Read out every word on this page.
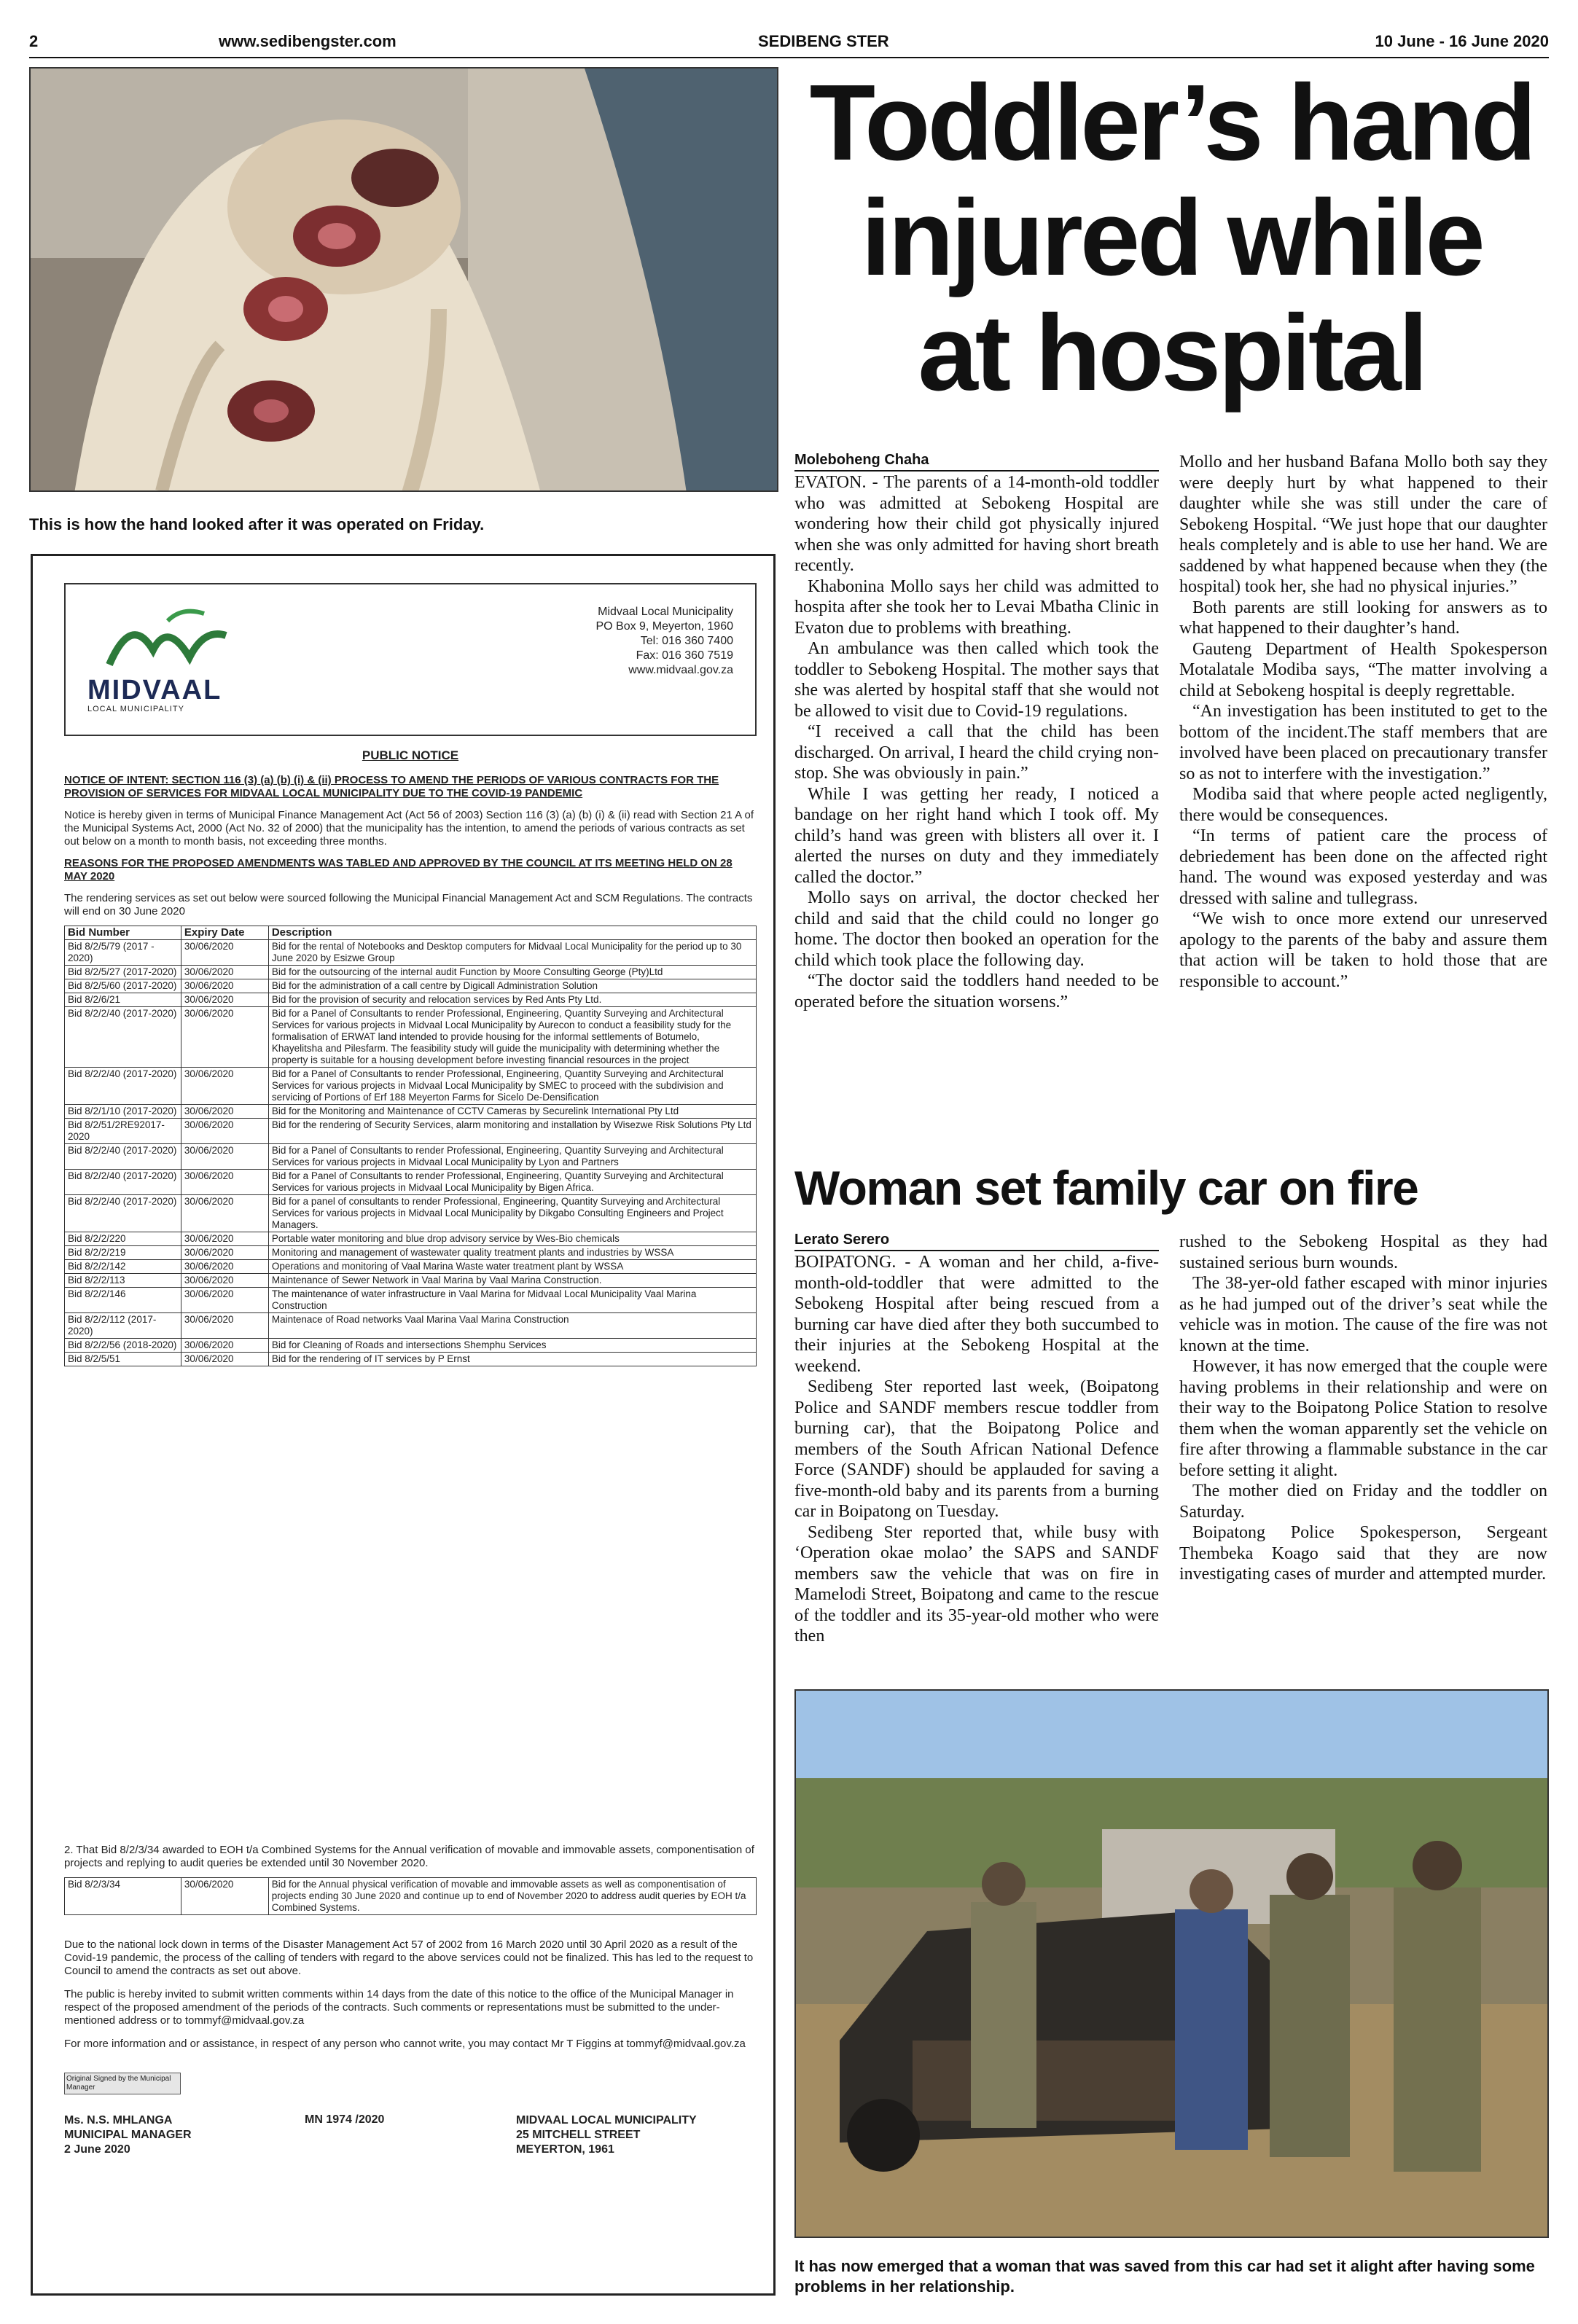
2	www.sedibengster.com	SEDIBENG STER	10 June - 16 June 2020
This is how the hand looked after it was operated on Friday.
Toddler’s hand
injured while
at hospital
Moleboheng Chaha

EVATON. - The parents of a 14-month-old toddler who was admitted at Sebokeng Hospital are wondering how their child got physically injured when she was only admitted for having short breath recently.

Khabonina Mollo says her child was admitted to hospita after she took her to Levai Mbatha Clinic in Evaton due to problems with breathing.

An ambulance was then called which took the toddler to Sebokeng Hospital. The mother says that she was alerted by hospital staff that she would not be allowed to visit due to Covid-19 regulations.

“I received a call that the child has been discharged. On arrival, I heard the child crying non-stop. She was obviously in pain.”

While I was getting her ready, I noticed a bandage on her right hand which I took off. My child’s hand was green with blisters all over it. I alerted the nurses on duty and they immediately called the doctor.”

Mollo says on arrival, the doctor checked her child and said that the child could no longer go home. The doctor then booked an operation for the child which took place the following day.

“The doctor said the toddlers hand needed to be operated before the situation worsens.”

Mollo and her husband Bafana Mollo both say they were deeply hurt by what happened to their daughter while she was still under the care of Sebokeng Hospital. “We just hope that our daughter heals completely and is able to use her hand. We are saddened by what happened because when they (the hospital) took her, she had no physical injuries.”

Both parents are still looking for answers as to what happened to their daughter’s hand.

Gauteng Department of Health Spokesperson Motalatale Modiba says, “The matter involving a child at Sebokeng hospital is deeply regrettable.

“An investigation has been instituted to get to the bottom of the incident.The staff members that are involved have been placed on precautionary transfer so as not to interfere with the investigation.”

Modiba said that where people acted negligently, there would be consequences.

“In terms of patient care the process of debriedement has been done on the affected right hand. The wound was exposed yesterday and was dressed with saline and tullegrass.

“We wish to once more extend our unreserved apology to the parents of the baby and assure them that action will be taken to hold those that are responsible to account.”

Woman set family car on fire
Lerato Serero

BOIPATONG. - A woman and her child, a-five-month-old-toddler that were admitted to the Sebokeng Hospital after being rescued from a burning car have died after they both succumbed to their injuries at the Sebokeng Hospital at the weekend.

Sedibeng Ster reported last week, (Boipatong Police and SANDF members rescue toddler from burning car), that the Boipatong Police and members of the South African National Defence Force (SANDF) should be applauded for saving a five-month-old baby and its parents from a burning car in Boipatong on Tuesday.

Sedibeng Ster reported that, while busy with ‘Operation okae molao’ the SAPS and SANDF members saw the vehicle that was on fire in Mamelodi Street, Boipatong and came to the rescue of the toddler and its 35-year-old mother who were then

rushed to the Sebokeng Hospital as they had sustained serious burn wounds.

The 38-yer-old father escaped with minor injuries as he had jumped out of the driver’s seat while the vehicle was in motion. The cause of the fire was not known at the time.

However, it has now emerged that the couple were having problems in their relationship and were on their way to the Boipatong Police Station to resolve them when the woman apparently set the vehicle on fire after throwing a flammable substance in the car before setting it alight.

The mother died on Friday and the toddler on Saturday.

Boipatong Police Spokesperson, Sergeant Thembeka Koago said that they are now investigating cases of murder and attempted murder.

It has now emerged that a woman that was saved from this car had set it alight after having some problems in her relationship.
MIDVAAL
LOCAL MUNICIPALITY
Midvaal Local Municipality
PO Box 9, Meyerton, 1960
Tel: 016 360 7400
Fax: 016 360 7519
www.midvaal.gov.za
PUBLIC NOTICE
NOTICE OF INTENT: SECTION 116 (3) (a) (b) (i) & (ii) PROCESS TO AMEND THE PERIODS OF VARIOUS CONTRACTS FOR THE PROVISION OF SERVICES FOR MIDVAAL LOCAL MUNICIPALITY DUE TO THE COVID-19 PANDEMIC
Notice is hereby given in terms of Municipal Finance Management Act (Act 56 of 2003) Section 116 (3) (a) (b) (i) & (ii) read with Section 21 A of the Municipal Systems Act, 2000 (Act No. 32 of 2000) that the municipality has the intention, to amend the periods of various contracts as set out below on a month to month basis, not exceeding three months.
REASONS FOR THE PROPOSED AMENDMENTS WAS TABLED AND APPROVED BY THE COUNCIL AT ITS MEETING HELD ON 28 MAY 2020
The rendering services as set out below were sourced following the Municipal Financial Management Act and SCM Regulations. The contracts will end on 30 June 2020
Bid Number	Expiry Date	Description
Bid 8/2/5/79 (2017 - 2020)	30/06/2020	Bid for the rental of Notebooks and Desktop computers for Midvaal Local Municipality for the period up to 30 June 2020 by Esizwe Group
Bid 8/2/5/27 (2017-2020)	30/06/2020	Bid for the outsourcing of the internal audit Function by Moore Consulting George (Pty)Ltd
Bid 8/2/5/60 (2017-2020)	30/06/2020	Bid for the administration of a call centre by Digicall Administration Solution
Bid 8/2/6/21	30/06/2020	Bid for the provision of security and relocation services by Red Ants Pty Ltd.
Bid 8/2/2/40 (2017-2020)	30/06/2020	Bid for a Panel of Consultants to render Professional, Engineering, Quantity Surveying and Architectural Services for various projects in Midvaal Local Municipality by Aurecon to conduct a feasibility study for the formalisation of ERWAT land intended to provide housing for the informal settlements of Botumelo, Khayelitsha and Pilesfarm. The feasibility study will guide the municipality with determining whether the property is suitable for a housing development before investing financial resources in the project
Bid 8/2/2/40 (2017-2020)	30/06/2020	Bid for a Panel of Consultants to render Professional, Engineering, Quantity Surveying and Architectural Services for various projects in Midvaal Local Municipality by SMEC to proceed with the subdivision and servicing of Portions of Erf 188 Meyerton Farms for Sicelo De-Densification
Bid 8/2/1/10 (2017-2020)	30/06/2020	Bid for the Monitoring and Maintenance of CCTV Cameras by Securelink International Pty Ltd
Bid 8/2/51/2RE92017-2020	30/06/2020	Bid for the rendering of Security Services, alarm monitoring and installation by Wisezwe Risk Solutions Pty Ltd
Bid 8/2/2/40 (2017-2020)	30/06/2020	Bid for a Panel of Consultants to render Professional, Engineering, Quantity Surveying and Architectural Services for various projects in Midvaal Local Municipality by Lyon and Partners
Bid 8/2/2/40 (2017-2020)	30/06/2020	Bid for a Panel of Consultants to render Professional, Engineering, Quantity Surveying and Architectural Services for various projects in Midvaal Local Municipality by Bigen Africa.
Bid 8/2/2/40 (2017-2020)	30/06/2020	Bid for a panel of consultants to render Professional, Engineering, Quantity Surveying and Architectural Services for various projects in Midvaal Local Municipality by Dikgabo Consulting Engineers and Project Managers.
Bid 8/2/2/220	30/06/2020	Portable water monitoring and blue drop advisory service by Wes-Bio chemicals
Bid 8/2/2/219	30/06/2020	Monitoring and management of wastewater quality treatment plants and industries by WSSA
Bid 8/2/2/142	30/06/2020	Operations and monitoring of Vaal Marina Waste water treatment plant by WSSA
Bid 8/2/2/113	30/06/2020	Maintenance of Sewer Network in Vaal Marina by Vaal Marina Construction.
Bid 8/2/2/146	30/06/2020	The maintenance of water infrastructure in Vaal Marina for Midvaal Local Municipality Vaal Marina Construction
Bid 8/2/2/112 (2017-2020)	30/06/2020	Maintenace of Road networks Vaal Marina Vaal Marina Construction
Bid 8/2/2/56 (2018-2020)	30/06/2020	Bid for Cleaning of Roads and intersections Shemphu Services
Bid 8/2/5/51	30/06/2020	Bid for the rendering of IT services by P Ernst
2. That Bid 8/2/3/34 awarded to EOH t/a Combined Systems for the Annual verification of movable and immovable assets, componentisation of projects and replying to audit queries be extended until 30 November 2020.
Bid 8/2/3/34	30/06/2020	Bid for the Annual physical verification of movable and immovable assets as well as componentisation of projects ending 30 June 2020 and continue up to end of November 2020 to address audit queries by EOH t/a Combined Systems.
Due to the national lock down in terms of the Disaster Management Act 57 of 2002 from 16 March 2020 until 30 April 2020 as a result of the Covid-19 pandemic, the process of the calling of tenders with regard to the above services could not be finalized. This has led to the request to Council to amend the contracts as set out above.
The public is hereby invited to submit written comments within 14 days from the date of this notice to the office of the Municipal Manager in respect of the proposed amendment of the periods of the contracts. Such comments or representations must be submitted to the under-mentioned address or to tommyf@midvaal.gov.za
For more information and or assistance, in respect of any person who cannot write, you may contact Mr T Figgins at tommyf@midvaal.gov.za
Original Signed by the Municipal Manager
Ms. N.S. MHLANGA
MUNICIPAL MANAGER
2 June 2020
MN 1974 /2020	MIDVAAL LOCAL MUNICIPALITY
25 MITCHELL STREET
MEYERTON, 1961
